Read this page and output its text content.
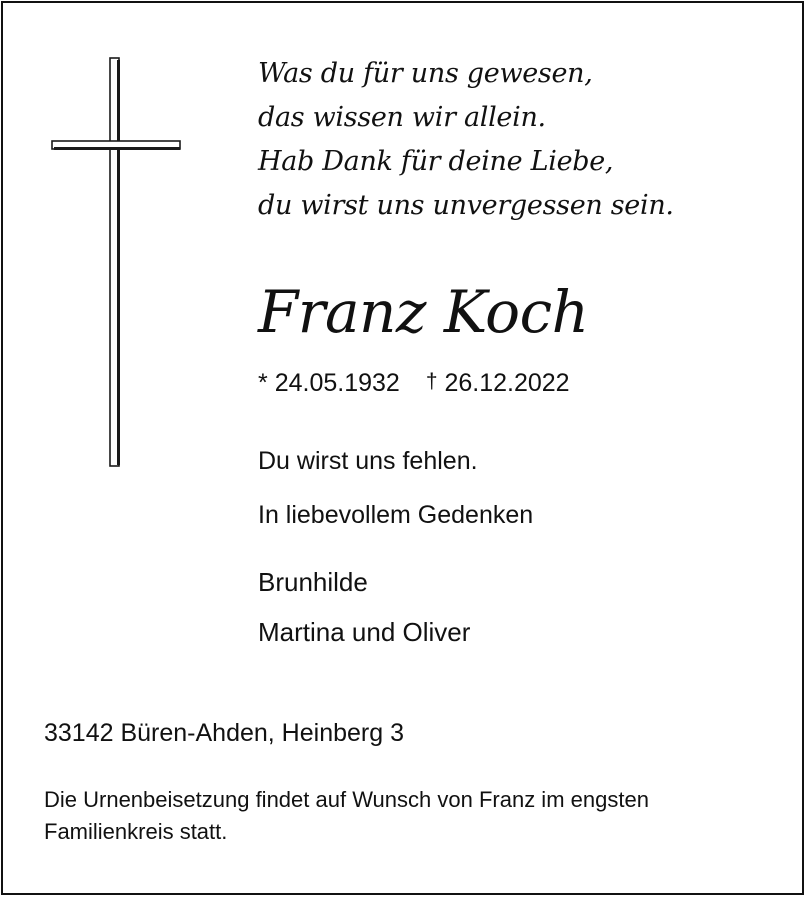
Was du für uns gewesen,
das wissen wir allein.
Hab Dank für deine Liebe,
du wirst uns unvergessen sein.
Franz Koch
* 24.05.1932 † 26.12.2022
Du wirst uns fehlen.
In liebevollem Gedenken
Brunhilde
Martina und Oliver
33142 Büren-Ahden, Heinberg 3
Die Urnenbeisetzung findet auf Wunsch von Franz im engsten Familienkreis statt.
